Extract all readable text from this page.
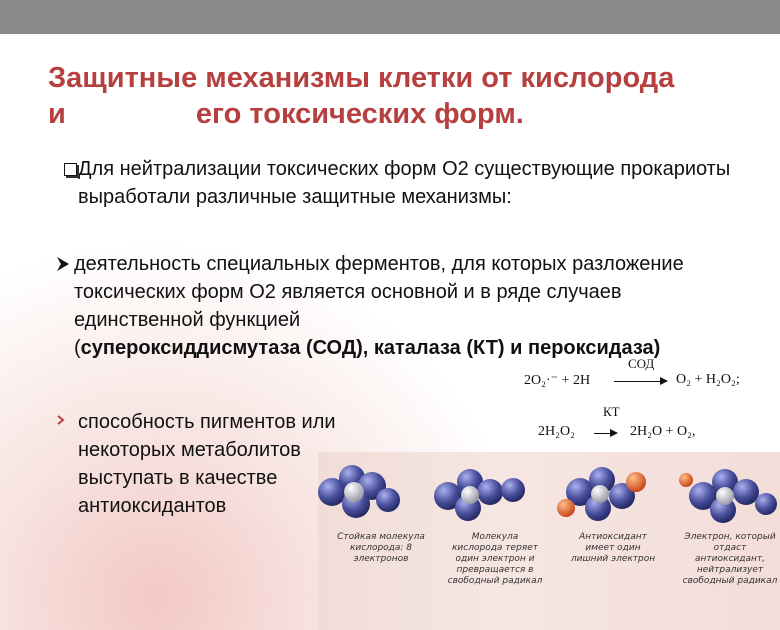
Защитные механизмы клетки от кислорода
и	его токсических форм.
Для нейтрализации токсических форм О2 существующие прокариоты выработали различные защитные механизмы:
деятельность специальных ферментов, для которых разложение токсических форм О2 является основной и в ряде случаев единственной функцией
(супероксиддисмутаза (СОД), каталаза (КТ) и пероксидаза)
СОД
2O₂·⁻ + 2H	O₂ + H₂O₂;
КТ
2H₂O₂	2H₂O + O₂,
способность пигментов или некоторых метаболитов выступать в качестве антиоксидантов
Стойкая молекула кислорода: 8 электронов
Молекула кислорода теряет один электрон и превращается в свободный радикал
Антиоксидант имеет один лишний электрон
Электрон, который отдаст антиоксидант, нейтрализует свободный радикал
